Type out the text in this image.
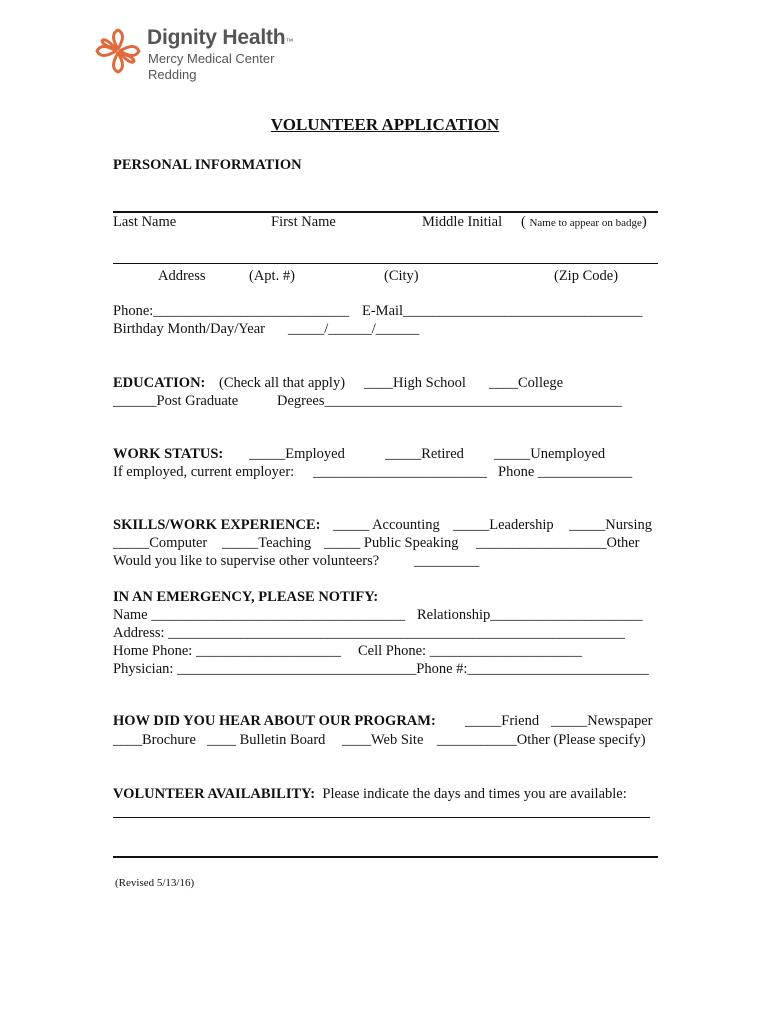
Dignity Health™
Mercy Medical Center
Redding
VOLUNTEER APPLICATION
PERSONAL INFORMATION
Last Name	First Name	Middle Initial ( Name to appear on badge)
Address	(Apt. #)	(City)	(Zip Code)
Phone:___________________________ E-Mail_________________________________
Birthday Month/Day/Year _____/______/______
EDUCATION: (Check all that apply) ____High School ____College
______Post Graduate	Degrees_________________________________________
WORK STATUS: _____Employed	_____Retired _____Unemployed
If employed, current employer: ________________________ Phone _____________
SKILLS/WORK EXPERIENCE: _____ Accounting _____Leadership _____Nursing
_____Computer _____Teaching _____ Public Speaking __________________Other
Would you like to supervise other volunteers? _________
IN AN EMERGENCY, PLEASE NOTIFY:
Name ___________________________________ Relationship_____________________
Address: _______________________________________________________________
Home Phone: ____________________ Cell Phone: _____________________
Physician: _________________________________Phone #:_________________________
HOW DID YOU HEAR ABOUT OUR PROGRAM: _____Friend _____Newspaper
____Brochure ____ Bulletin Board ____Web Site ___________Other (Please specify)
VOLUNTEER AVAILABILITY: Please indicate the days and times you are available:
(Revised 5/13/16)
